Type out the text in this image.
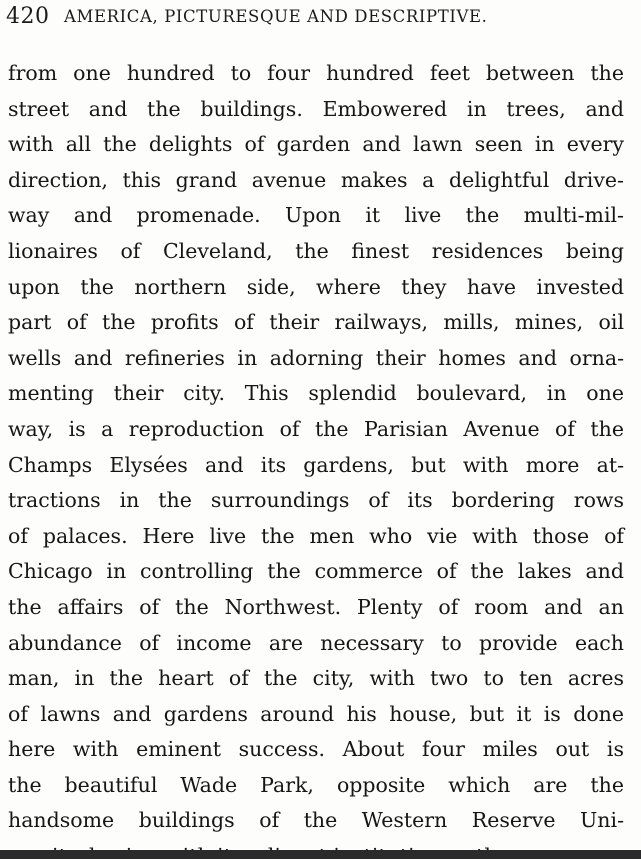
420 AMERICA, PICTURESQUE AND DESCRIPTIVE.
from one hundred to four hundred feet between the
street and the buildings. Embowered in trees, and
with all the delights of garden and lawn seen in every
direction, this grand avenue makes a delightful drive-
way and promenade. Upon it live the multi-mil-
lionaires of Cleveland, the finest residences being
upon the northern side, where they have invested
part of the profits of their railways, mills, mines, oil
wells and refineries in adorning their homes and orna-
menting their city. This splendid boulevard, in one
way, is a reproduction of the Parisian Avenue of the
Champs Elysées and its gardens, but with more at-
tractions in the surroundings of its bordering rows
of palaces. Here live the men who vie with those of
Chicago in controlling the commerce of the lakes and
the affairs of the Northwest. Plenty of room and an
abundance of income are necessary to provide each
man, in the heart of the city, with two to ten acres
of lawns and gardens around his house, but it is done
here with eminent success. About four miles out is
the beautiful Wade Park, opposite which are the
handsome buildings of the Western Reserve Uni-
